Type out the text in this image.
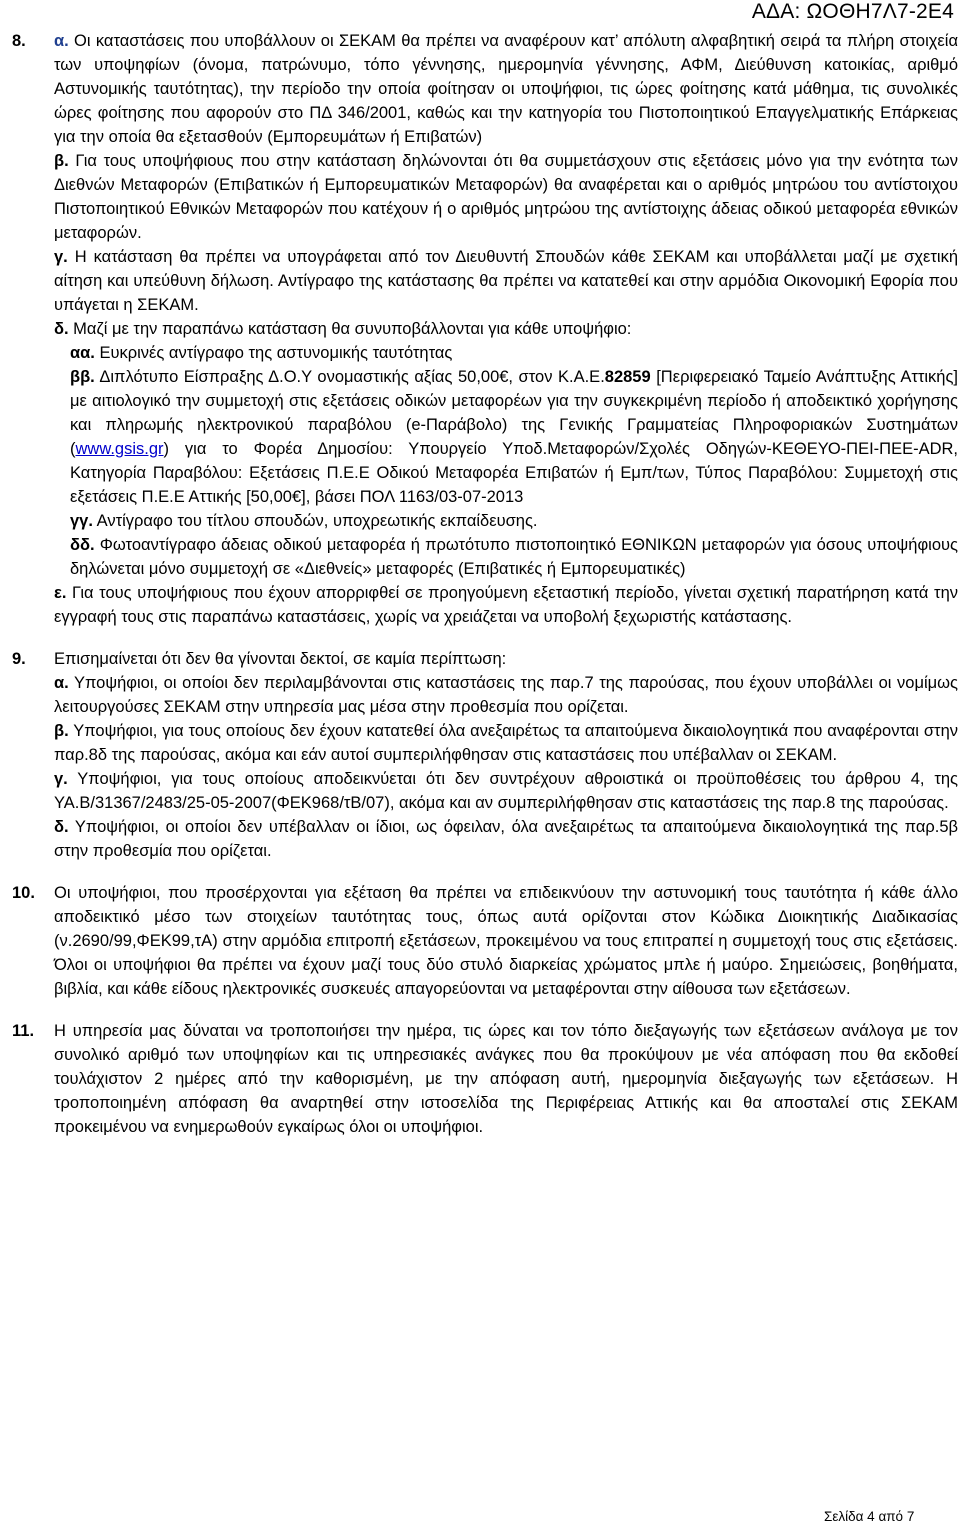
ΑΔΑ: ΩΟΘΗ7Λ7-2Ε4
8.	α. Οι καταστάσεις που υποβάλλουν οι ΣΕΚΑΜ θα πρέπει να αναφέρουν κατ’ απόλυτη αλφαβητική σειρά τα πλήρη στοιχεία των υποψηφίων (όνομα, πατρώνυμο, τόπο γέννησης, ημερομηνία γέννησης, ΑΦΜ, Διεύθυνση κατοικίας, αριθμό Αστυνομικής ταυτότητας), την περίοδο την οποία φοίτησαν οι υποψήφιοι, τις ώρες φοίτησης κατά μάθημα, τις συνολικές ώρες φοίτησης που αφορούν στο ΠΔ 346/2001, καθώς και την κατηγορία του Πιστοποιητικού Επαγγελματικής Επάρκειας για την οποία θα εξετασθούν (Εμπορευμάτων ή Επιβατών)

β. Για τους υποψήφιους που στην κατάσταση δηλώνονται ότι θα συμμετάσχουν στις εξετάσεις μόνο για την ενότητα των Διεθνών Μεταφορών (Επιβατικών ή Εμπορευματικών Μεταφορών) θα αναφέρεται και ο αριθμός μητρώου του αντίστοιχου Πιστοποιητικού Εθνικών Μεταφορών που κατέχουν ή ο αριθμός μητρώου της αντίστοιχης άδειας οδικού μεταφορέα εθνικών μεταφορών.

γ. Η κατάσταση θα πρέπει να υπογράφεται από τον Διευθυντή Σπουδών κάθε ΣΕΚΑΜ και υποβάλλεται μαζί με σχετική αίτηση και υπεύθυνη δήλωση. Αντίγραφο της κατάστασης θα πρέπει να κατατεθεί και στην αρμόδια Οικονομική Εφορία που υπάγεται η ΣΕΚΑΜ.

δ. Μαζί με την παραπάνω κατάσταση θα συνυποβάλλονται για κάθε υποψήφιο:

αα. Ευκρινές αντίγραφο της αστυνομικής ταυτότητας

ββ. Διπλότυπο Είσπραξης Δ.Ο.Υ ονομαστικής αξίας 50,00€, στον Κ.Α.Ε.82859 [Περιφερειακό Ταμείο Ανάπτυξης Αττικής] με αιτιολογικό την συμμετοχή στις εξετάσεις οδικών μεταφορέων για την συγκεκριμένη περίοδο ή αποδεικτικό χορήγησης και πληρωμής ηλεκτρονικού παραβόλου (e-Παράβολο) της Γενικής Γραμματείας Πληροφοριακών Συστημάτων (www.gsis.gr) για το Φορέα Δημοσίου: Υπουργείο Υποδ.Μεταφορών/Σχολές Οδηγών-ΚΕΘΕΥΟ-ΠΕΙ-ΠΕΕ-ADR, Κατηγορία Παραβόλου: Εξετάσεις Π.Ε.Ε Οδικού Μεταφορέα Επιβατών ή Εμπ/των, Τύπος Παραβόλου: Συμμετοχή στις εξετάσεις Π.Ε.Ε Αττικής [50,00€], βάσει ΠΟΛ 1163/03-07-2013

γγ. Αντίγραφο του τίτλου σπουδών, υποχρεωτικής εκπαίδευσης.

δδ. Φωτοαντίγραφο άδειας οδικού μεταφορέα ή πρωτότυπο πιστοποιητικό ΕΘΝΙΚΩΝ μεταφορών για όσους υποψήφιους δηλώνεται μόνο συμμετοχή σε «Διεθνείς» μεταφορές (Επιβατικές ή Εμπορευματικές)

ε. Για τους υποψήφιους που έχουν απορριφθεί σε προηγούμενη εξεταστική περίοδο, γίνεται σχετική παρατήρηση κατά την εγγραφή τους στις παραπάνω καταστάσεις, χωρίς να χρειάζεται να υποβολή ξεχωριστής κατάστασης.

9.	Επισημαίνεται ότι δεν θα γίνονται δεκτοί, σε καμία περίπτωση:

α. Υποψήφιοι, οι οποίοι δεν περιλαμβάνονται στις καταστάσεις της παρ.7 της παρούσας, που έχουν υποβάλλει οι νομίμως λειτουργούσες ΣΕΚΑΜ στην υπηρεσία μας μέσα στην προθεσμία που ορίζεται.

β. Υποψήφιοι, για τους οποίους δεν έχουν κατατεθεί όλα ανεξαιρέτως τα απαιτούμενα δικαιολογητικά που αναφέρονται στην παρ.8δ της παρούσας, ακόμα και εάν αυτοί συμπεριλήφθησαν στις καταστάσεις που υπέβαλλαν οι ΣΕΚΑΜ.

γ. Υποψήφιοι, για τους οποίους αποδεικνύεται ότι δεν συντρέχουν αθροιστικά οι προϋποθέσεις του άρθρου 4, της ΥΑ.Β/31367/2483/25-05-2007(ΦΕΚ968/τΒ/07), ακόμα και αν συμπεριλήφθησαν στις καταστάσεις της παρ.8 της παρούσας.

δ. Υποψήφιοι, οι οποίοι δεν υπέβαλλαν οι ίδιοι, ως όφειλαν, όλα ανεξαιρέτως τα απαιτούμενα δικαιολογητικά της παρ.5β στην προθεσμία που ορίζεται.

10.	Οι υποψήφιοι, που προσέρχονται για εξέταση θα πρέπει να επιδεικνύουν την αστυνομική τους ταυτότητα ή κάθε άλλο αποδεικτικό μέσο των στοιχείων ταυτότητας τους, όπως αυτά ορίζονται στον Κώδικα Διοικητικής Διαδικασίας (ν.2690/99,ΦΕΚ99,τΑ) στην αρμόδια επιτροπή εξετάσεων, προκειμένου να τους επιτραπεί η συμμετοχή τους στις εξετάσεις. Όλοι οι υποψήφιοι θα πρέπει να έχουν μαζί τους δύο στυλό διαρκείας χρώματος μπλε ή μαύρο. Σημειώσεις, βοηθήματα, βιβλία, και κάθε είδους ηλεκτρονικές συσκευές απαγορεύονται να μεταφέρονται στην αίθουσα των εξετάσεων.

11.	Η υπηρεσία μας δύναται να τροποποιήσει την ημέρα, τις ώρες και τον τόπο διεξαγωγής των εξετάσεων ανάλογα με τον συνολικό αριθμό των υποψηφίων και τις υπηρεσιακές ανάγκες που θα προκύψουν με νέα απόφαση που θα εκδοθεί τουλάχιστον 2 ημέρες από την καθορισμένη, με την απόφαση αυτή, ημερομηνία διεξαγωγής των εξετάσεων. Η τροποποιημένη απόφαση θα αναρτηθεί στην ιστοσελίδα της Περιφέρειας Αττικής και θα αποσταλεί στις ΣΕΚΑΜ προκειμένου να ενημερωθούν εγκαίρως όλοι οι υποψήφιοι.

Σελίδα 4 από 7
